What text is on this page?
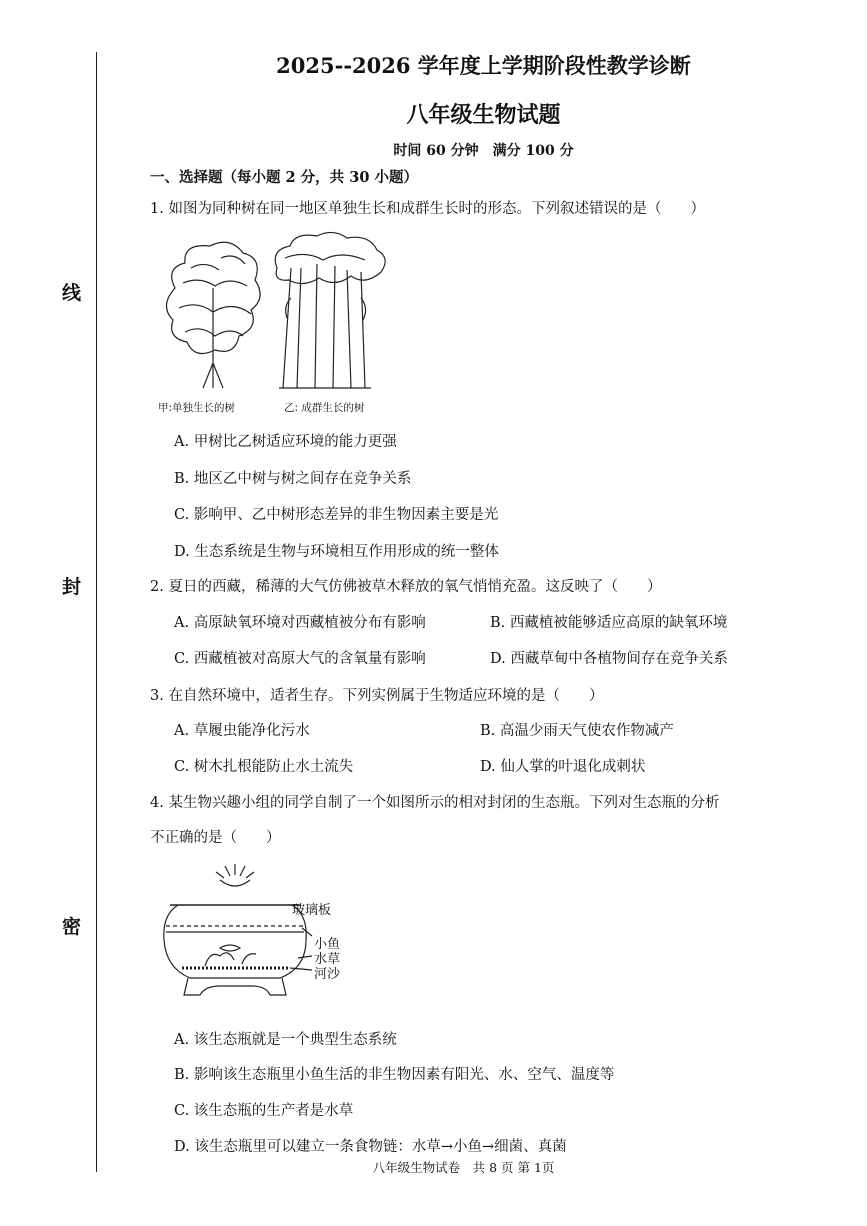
线
封
密
2025--2026 学年度上学期阶段性教学诊断
八年级生物试题
时间 60 分钟　满分 100 分
一、选择题（每小题 2 分，共 30 小题）
1. 如图为同种树在同一地区单独生长和成群生长时的形态。下列叙述错误的是（　　）
甲:单独生长的树	乙: 成群生长的树
A. 甲树比乙树适应环境的能力更强
B. 地区乙中树与树之间存在竞争关系
C. 影响甲、乙中树形态差异的非生物因素主要是光
D. 生态系统是生物与环境相互作用形成的统一整体
2. 夏日的西藏，稀薄的大气仿佛被草木释放的氧气悄悄充盈。这反映了（　　）
A. 高原缺氧环境对西藏植被分布有影响	B. 西藏植被能够适应高原的缺氧环境
C. 西藏植被对高原大气的含氧量有影响	D. 西藏草甸中各植物间存在竞争关系
3. 在自然环境中，适者生存。下列实例属于生物适应环境的是（　　）
A. 草履虫能净化污水	B. 高温少雨天气使农作物减产
C. 树木扎根能防止水土流失	D. 仙人掌的叶退化成刺状
4. 某生物兴趣小组的同学自制了一个如图所示的相对封闭的生态瓶。下列对生态瓶的分析
不正确的是（　　）
玻璃板
小鱼
水草
河沙
A. 该生态瓶就是一个典型生态系统
B. 影响该生态瓶里小鱼生活的非生物因素有阳光、水、空气、温度等
C. 该生态瓶的生产者是水草
D. 该生态瓶里可以建立一条食物链：水草→小鱼→细菌、真菌
八年级生物试卷　共 8 页 第 1页
